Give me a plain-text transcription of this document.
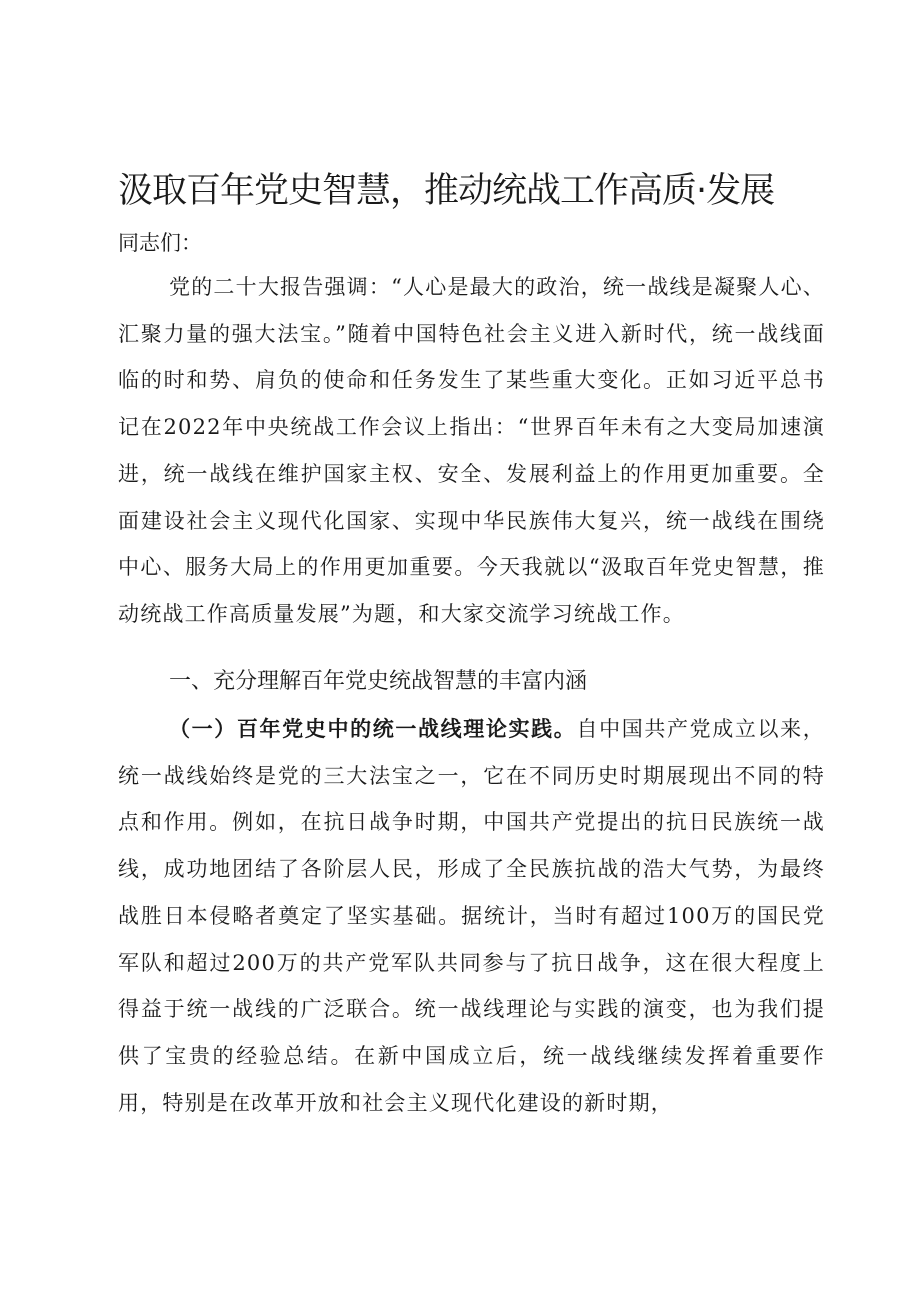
汲取百年党史智慧，推动统战工作高质·发展
同志们：

党的二十大报告强调：“人心是最大的政治，统一战线是凝聚人心、汇聚力量的强大法宝。”随着中国特色社会主义进入新时代，统一战线面临的时和势、肩负的使命和任务发生了某些重大变化。正如习近平总书记在2022年中央统战工作会议上指出：“世界百年未有之大变局加速演进，统一战线在维护国家主权、安全、发展利益上的作用更加重要。全面建设社会主义现代化国家、实现中华民族伟大复兴，统一战线在围绕中心、服务大局上的作用更加重要。今天我就以“汲取百年党史智慧，推动统战工作高质量发展”为题，和大家交流学习统战工作。

一、充分理解百年党史统战智慧的丰富内涵

（一）百年党史中的统一战线理论实践。自中国共产党成立以来，统一战线始终是党的三大法宝之一，它在不同历史时期展现出不同的特点和作用。例如，在抗日战争时期，中国共产党提出的抗日民族统一战线，成功地团结了各阶层人民，形成了全民族抗战的浩大气势，为最终战胜日本侵略者奠定了坚实基础。据统计，当时有超过100万的国民党军队和超过200万的共产党军队共同参与了抗日战争，这在很大程度上得益于统一战线的广泛联合。统一战线理论与实践的演变，也为我们提供了宝贵的经验总结。在新中国成立后，统一战线继续发挥着重要作用，特别是在改革开放和社会主义现代化建设的新时期，
